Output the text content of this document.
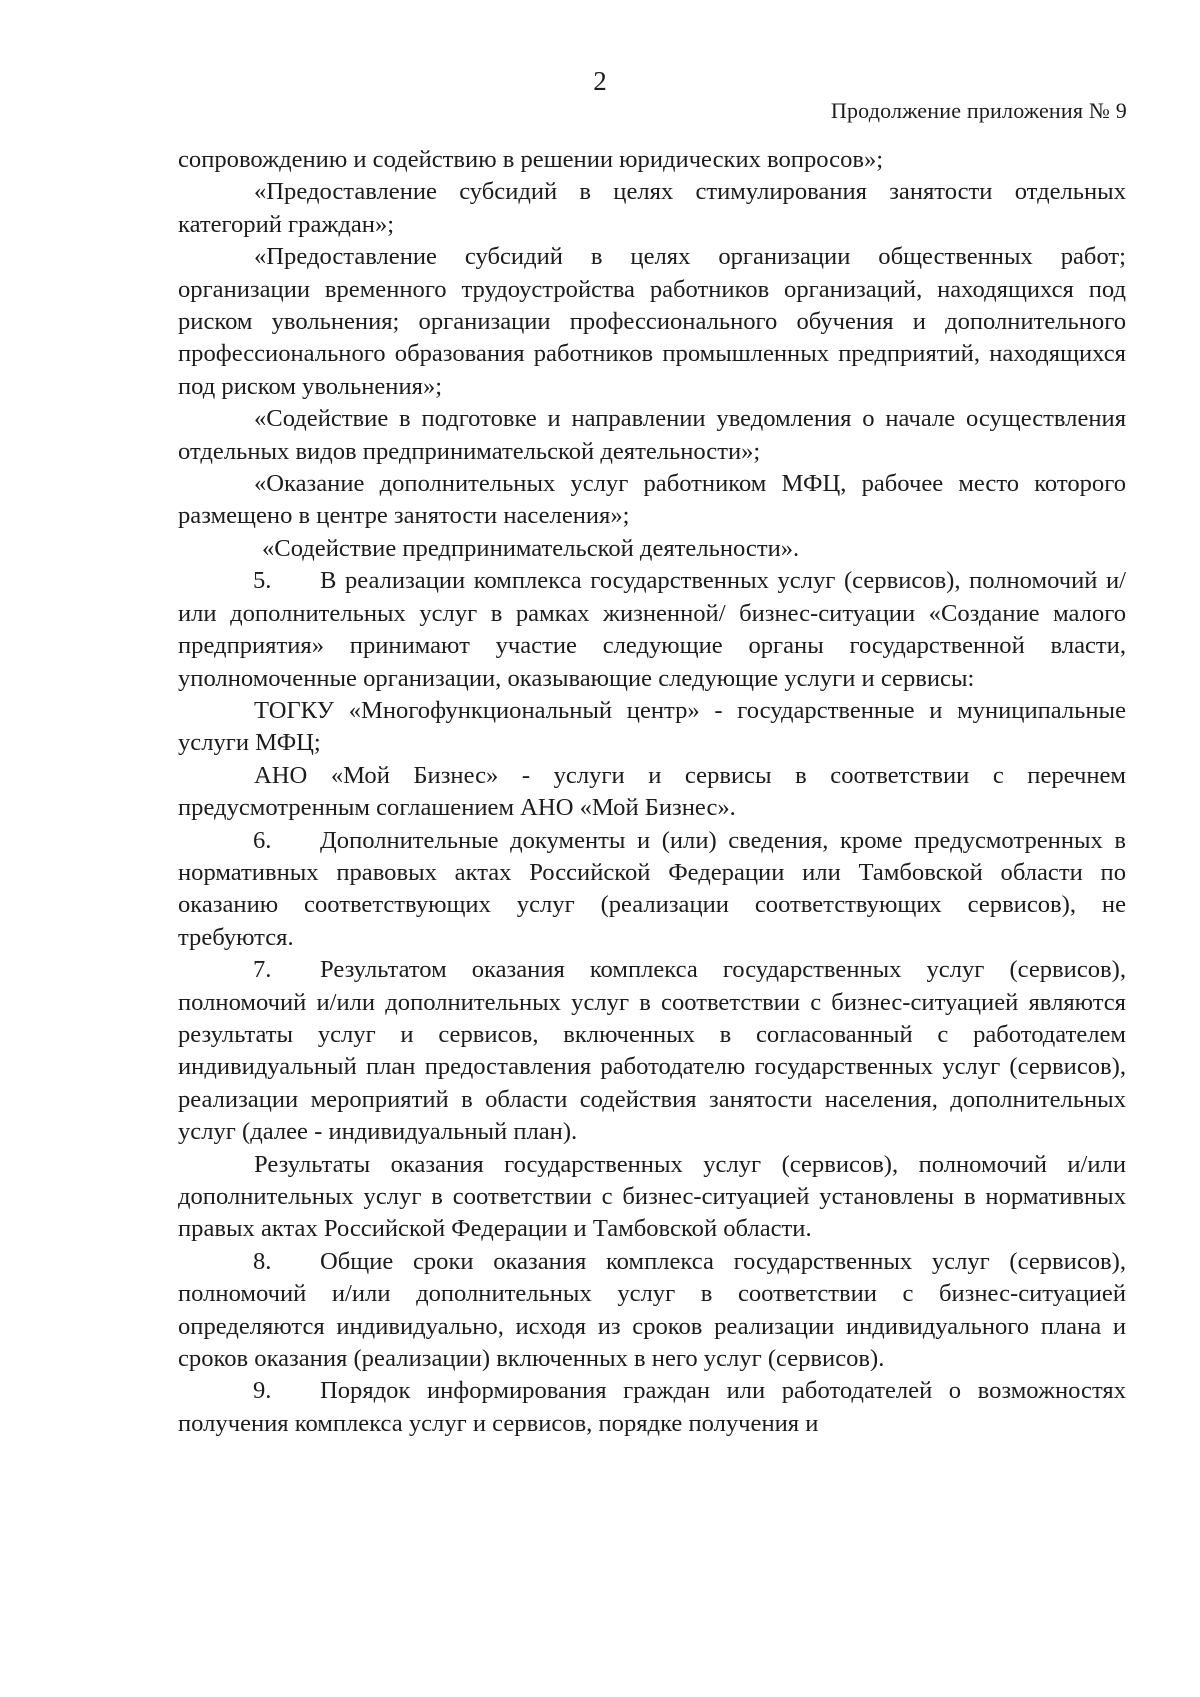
2
Продолжение приложения № 9

сопровождению и содействию в решении юридических вопросов»;

«Предоставление субсидий в целях стимулирования занятости отдельных категорий граждан»;

«Предоставление субсидий в целях организации общественных работ; организации временного трудоустройства работников организаций, находящихся под риском увольнения; организации профессионального обучения и дополнительного профессионального образования работников промышленных предприятий, находящихся под риском увольнения»;

«Содействие в подготовке и направлении уведомления о начале осуществления отдельных видов предпринимательской деятельности»;

«Оказание дополнительных услуг работником МФЦ, рабочее место которого размещено в центре занятости населения»;

«Содействие предпринимательской деятельности».

5. В реализации комплекса государственных услуг (сервисов), полномочий и/или дополнительных услуг в рамках жизненной/ бизнес-ситуации «Создание малого предприятия» принимают участие следующие органы государственной власти, уполномоченные организации, оказывающие следующие услуги и сервисы:

ТОГКУ «Многофункциональный центр» - государственные и муниципальные услуги МФЦ;

АНО «Мой Бизнес» - услуги и сервисы в соответствии с перечнем предусмотренным соглашением АНО «Мой Бизнес».

6. Дополнительные документы и (или) сведения, кроме предусмотренных в нормативных правовых актах Российской Федерации или Тамбовской области по оказанию соответствующих услуг (реализации соответствующих сервисов), не требуются.

7. Результатом оказания комплекса государственных услуг (сервисов), полномочий и/или дополнительных услуг в соответствии с бизнес-ситуацией являются результаты услуг и сервисов, включенных в согласованный с работодателем индивидуальный план предоставления работодателю государственных услуг (сервисов), реализации мероприятий в области содействия занятости населения, дополнительных услуг (далее - индивидуальный план).

Результаты оказания государственных услуг (сервисов), полномочий и/или дополнительных услуг в соответствии с бизнес-ситуацией установлены в нормативных правых актах Российской Федерации и Тамбовской области.

8. Общие сроки оказания комплекса государственных услуг (сервисов), полномочий и/или дополнительных услуг в соответствии с бизнес-ситуацией определяются индивидуально, исходя из сроков реализации индивидуального плана и сроков оказания (реализации) включенных в него услуг (сервисов).

9. Порядок информирования граждан или работодателей о возможностях получения комплекса услуг и сервисов, порядке получения и
